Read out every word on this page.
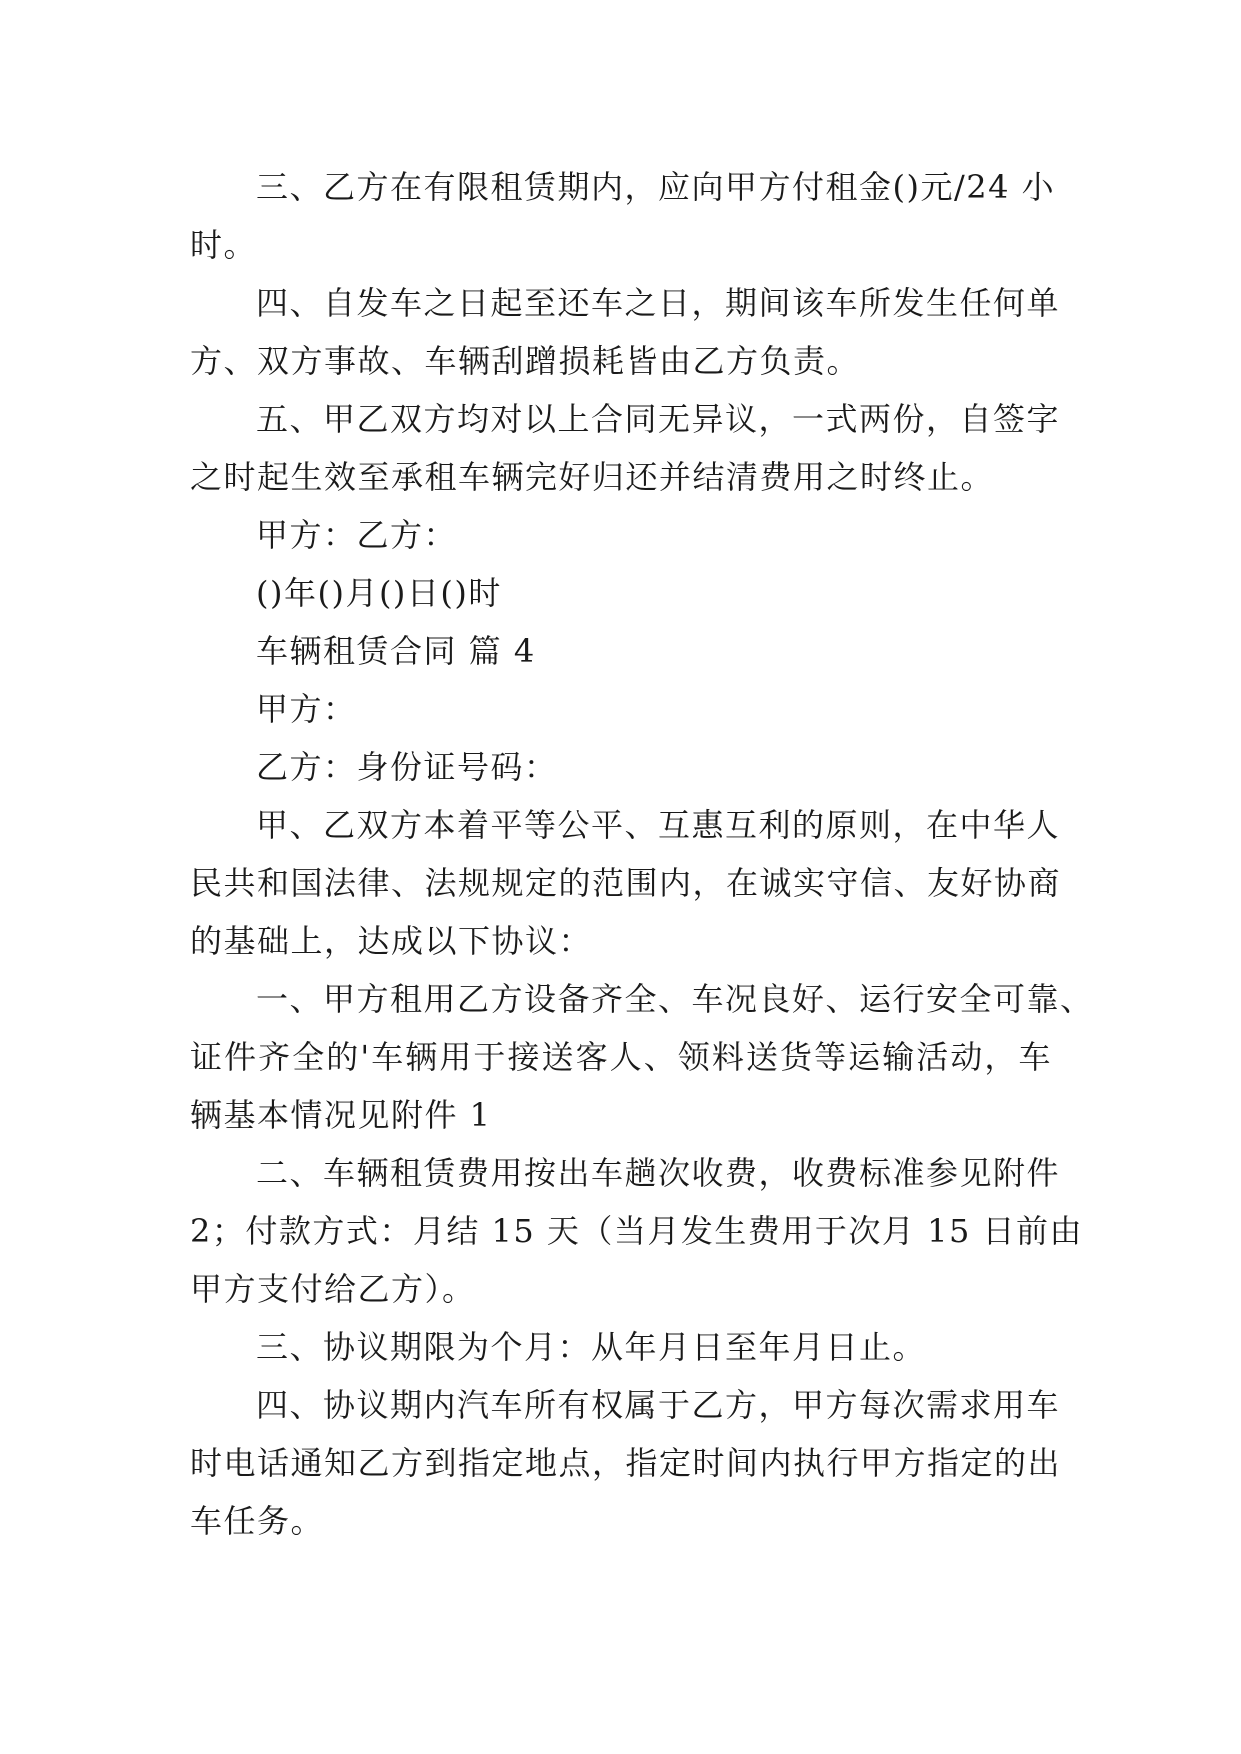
三、乙方在有限租赁期内，应向甲方付租金()元/24 小
时。
四、自发车之日起至还车之日，期间该车所发生任何单
方、双方事故、车辆刮蹭损耗皆由乙方负责。
五、甲乙双方均对以上合同无异议，一式两份，自签字
之时起生效至承租车辆完好归还并结清费用之时终止。
甲方：乙方：
()年()月()日()时
车辆租赁合同 篇 4
甲方：
乙方：身份证号码：
甲、乙双方本着平等公平、互惠互利的原则，在中华人
民共和国法律、法规规定的范围内，在诚实守信、友好协商
的基础上，达成以下协议：
一、甲方租用乙方设备齐全、车况良好、运行安全可靠、
证件齐全的'车辆用于接送客人、领料送货等运输活动，车
辆基本情况见附件 1
二、车辆租赁费用按出车趟次收费，收费标准参见附件
2；付款方式：月结 15 天（当月发生费用于次月 15 日前由
甲方支付给乙方）。
三、协议期限为个月：从年月日至年月日止。
四、协议期内汽车所有权属于乙方，甲方每次需求用车
时电话通知乙方到指定地点，指定时间内执行甲方指定的出
车任务。
